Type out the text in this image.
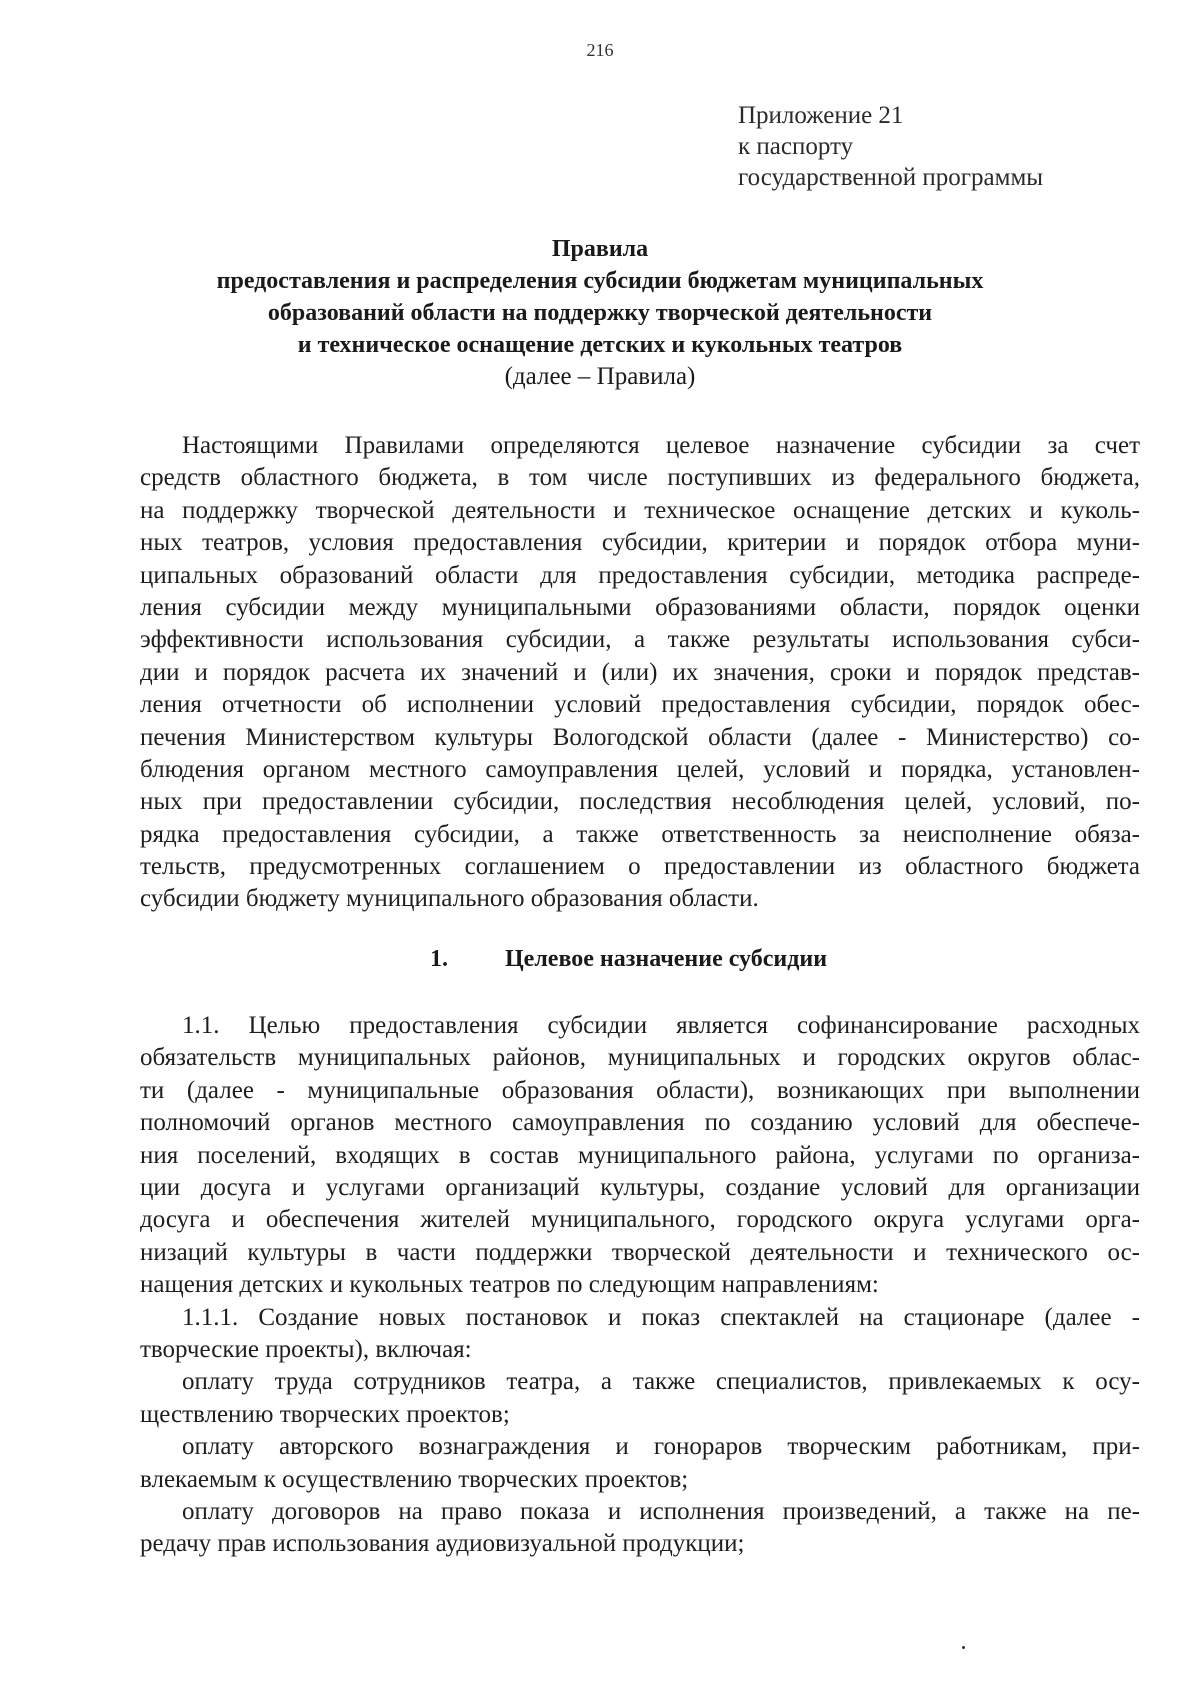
216
Приложение 21
к паспорту
государственной программы
Правила
предоставления и распределения субсидии бюджетам муниципальных
образований области на поддержку творческой деятельности
и техническое оснащение детских и кукольных театров
(далее – Правила)
Настоящими Правилами определяются целевое назначение субсидии за счет
средств областного бюджета, в том числе поступивших из федерального бюджета,
на поддержку творческой деятельности и техническое оснащение детских и куколь-
ных театров, условия предоставления субсидии, критерии и порядок отбора муни-
ципальных образований области для предоставления субсидии, методика распреде-
ления субсидии между муниципальными образованиями области, порядок оценки
эффективности использования субсидии, а также результаты использования субси-
дии и порядок расчета их значений и (или) их значения, сроки и порядок представ-
ления отчетности об исполнении условий предоставления субсидии, порядок обес-
печения Министерством культуры Вологодской области (далее - Министерство) со-
блюдения органом местного самоуправления целей, условий и порядка, установлен-
ных при предоставлении субсидии, последствия несоблюдения целей, условий, по-
рядка предоставления субсидии, а также ответственность за неисполнение обяза-
тельств, предусмотренных соглашением о предоставлении из областного бюджета
субсидии бюджету муниципального образования области.
1. Целевое назначение субсидии
1.1. Целью предоставления субсидии является софинансирование расходных
обязательств муниципальных районов, муниципальных и городских округов облас-
ти (далее - муниципальные образования области), возникающих при выполнении
полномочий органов местного самоуправления по созданию условий для обеспече-
ния поселений, входящих в состав муниципального района, услугами по организа-
ции досуга и услугами организаций культуры, создание условий для организации
досуга и обеспечения жителей муниципального, городского округа услугами орга-
низаций культуры в части поддержки творческой деятельности и технического ос-
нащения детских и кукольных театров по следующим направлениям:
1.1.1. Создание новых постановок и показ спектаклей на стационаре (далее -
творческие проекты), включая:
оплату труда сотрудников театра, а также специалистов, привлекаемых к осу-
ществлению творческих проектов;
оплату авторского вознаграждения и гонораров творческим работникам, при-
влекаемым к осуществлению творческих проектов;
оплату договоров на право показа и исполнения произведений, а также на пе-
редачу прав использования аудиовизуальной продукции;
